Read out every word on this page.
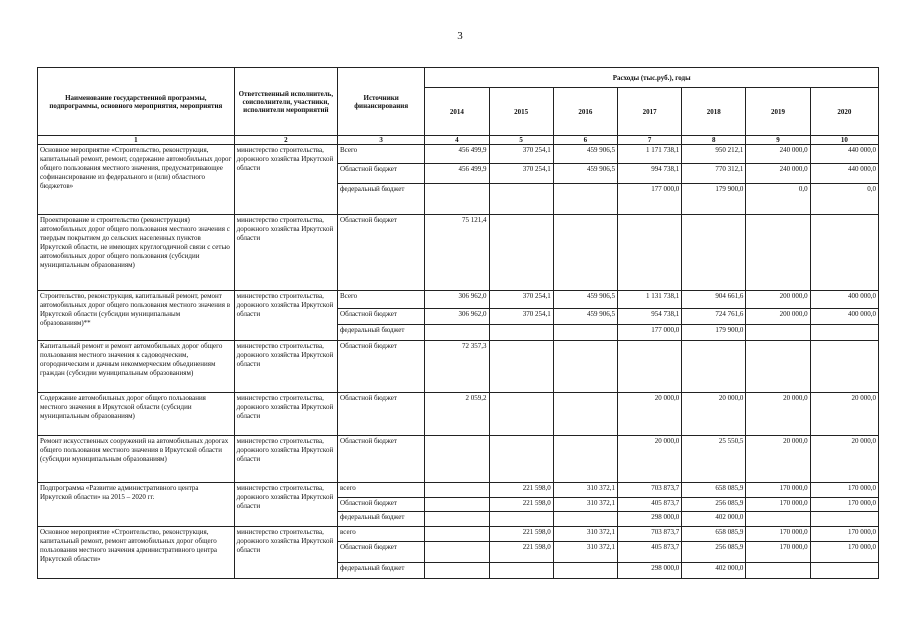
3
Наименование государственной программы, подпрограммы, основного мероприятия, мероприятия	Ответственный исполнитель, соисполнители, участники, исполнители мероприятий	Источники финансирования	Расходы (тыс.руб.), годы						
			2014	2015	2016	2017	2018	2019	2020
1	2	3	4	5	6	7	8	9	10
Основное мероприятие «Строительство, реконструкция, капитальный ремонт, ремонт, содержание автомобильных дорог общего пользования местного значения, предусматривающее софинансирование из федерального и (или) областного бюджетов»	министерство строительства, дорожного хозяйства Иркутской области	Всего	456 499,9	370 254,1	459 906,5	1 171 738,1	950 212,1	240 000,0	440 000,0
		Областной бюджет	456 499,9	370 254,1	459 906,5	994 738,1	770 312,1	240 000,0	440 000,0
		федеральный бюджет				177 000,0	179 900,0	0,0	0,0
Проектирование и строительство (реконструкция) автомобильных дорог общего пользования местного значения с твердым покрытием до сельских населенных пунктов Иркутской области, не имеющих круглогодичной связи с сетью автомобильных дорог общего пользования (субсидии муниципальным образованиям)	министерство строительства, дорожного хозяйства Иркутской области	Областной бюджет	75 121,4						
Строительство, реконструкция, капитальный ремонт, ремонт автомобильных дорог общего пользования местного значения в Иркутской области (субсидии муниципальным образованиям)**	министерство строительства, дорожного хозяйства Иркутской области	Всего	306 962,0	370 254,1	459 906,5	1 131 738,1	904 661,6	200 000,0	400 000,0
		Областной бюджет	306 962,0	370 254,1	459 906,5	954 738,1	724 761,6	200 000,0	400 000,0
		федеральный бюджет				177 000,0	179 900,0		
Капитальный ремонт и ремонт автомобильных дорог общего пользования местного значения к садоводческим, огородническим и дачным некоммерческим объединениям граждан (субсидии муниципальным образованиям)	министерство строительства, дорожного хозяйства Иркутской области	Областной бюджет	72 357,3						
Содержание автомобильных дорог общего пользования местного значения в Иркутской области (субсидии муниципальным образованиям)	министерство строительства, дорожного хозяйства Иркутской области	Областной бюджет	2 059,2			20 000,0	20 000,0	20 000,0	20 000,0
Ремонт искусственных сооружений на автомобильных дорогах общего пользования местного значения в Иркутской области (субсидии муниципальным образованиям)	министерство строительства, дорожного хозяйства Иркутской области	Областной бюджет				20 000,0	25 550,5	20 000,0	20 000,0
Подпрограмма «Развитие административного центра Иркутской области» на 2015 – 2020 гг.	министерство строительства, дорожного хозяйства Иркутской области	всего		221 598,0	310 372,1	703 873,7	658 085,9	170 000,0	170 000,0
		Областной бюджет		221 598,0	310 372,1	405 873,7	256 085,9	170 000,0	170 000,0
		федеральный бюджет				298 000,0	402 000,0		
Основное мероприятие «Строительство, реконструкция, капитальный ремонт, ремонт автомобильных дорог общего пользования местного значения административного центра Иркутской области»	министерство строительства, дорожного хозяйства Иркутской области	всего		221 598,0	310 372,1	703 873,7	658 085,9	170 000,0	170 000,0
		Областной бюджет		221 598,0	310 372,1	405 873,7	256 085,9	170 000,0	170 000,0
		федеральный бюджет				298 000,0	402 000,0		
